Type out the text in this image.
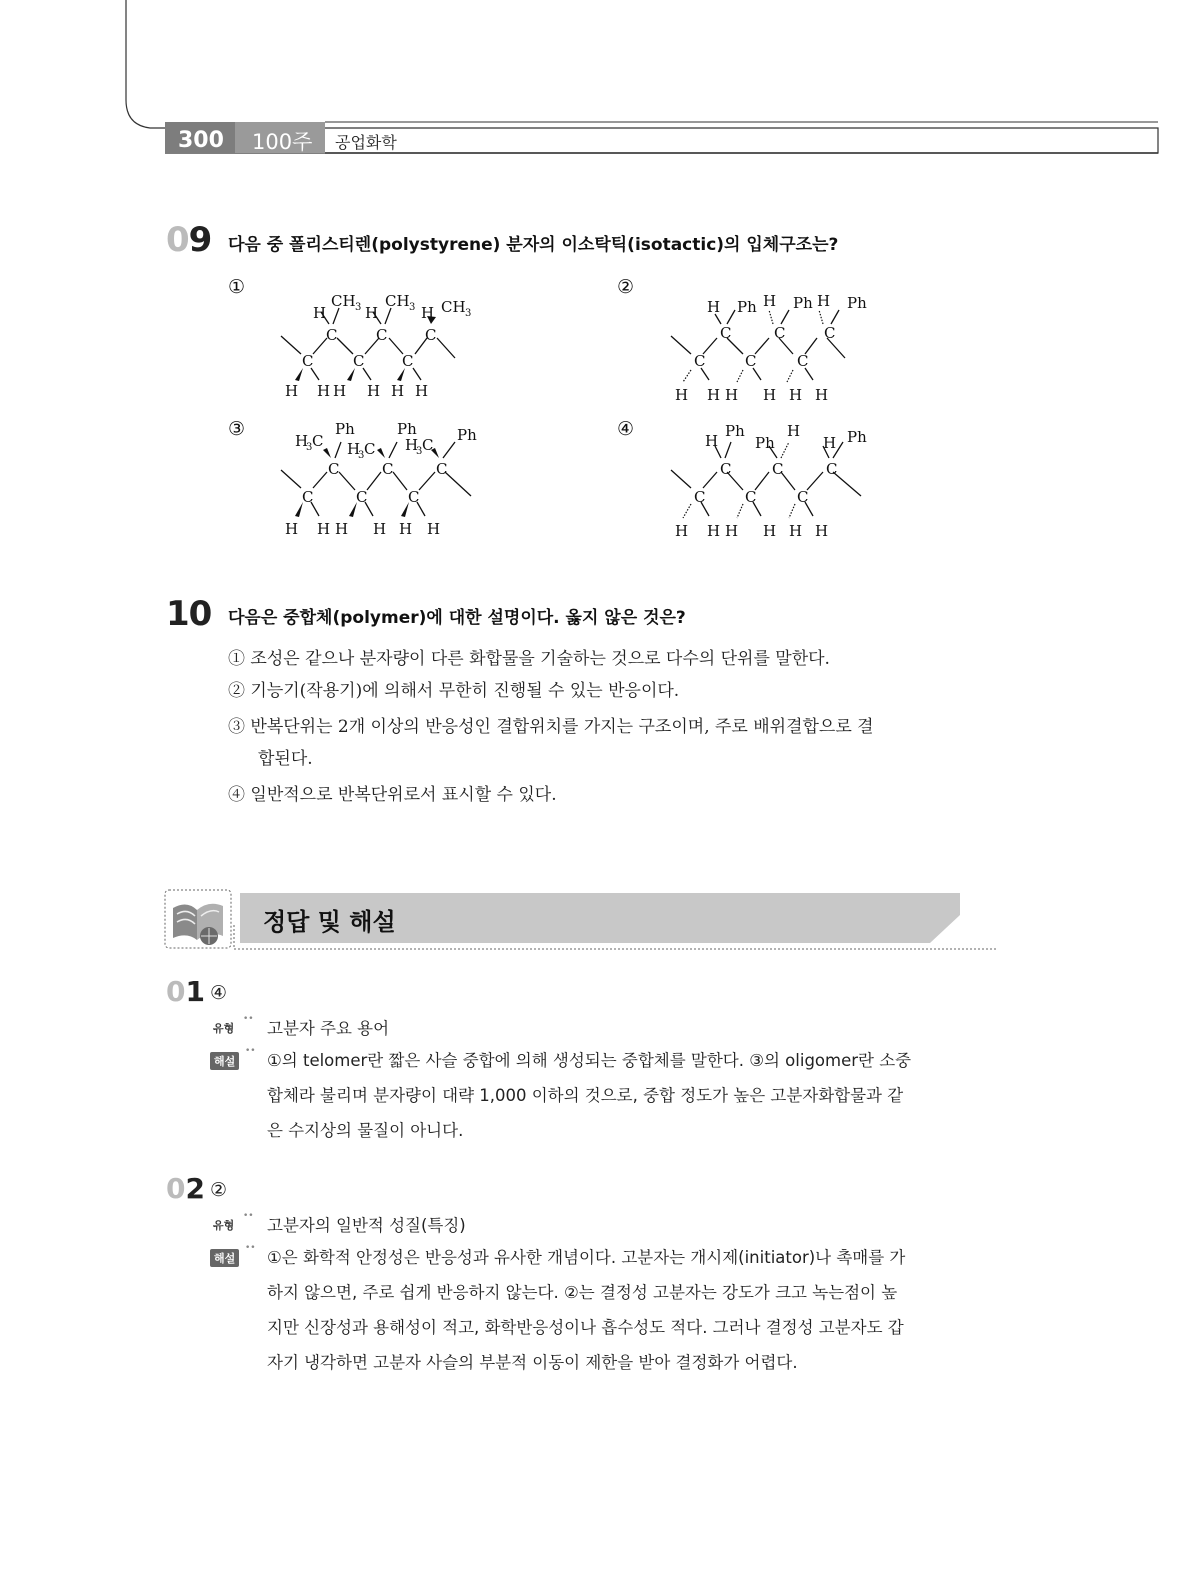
300 100주 공업화학
09 다음 중 폴리스티렌(polystyrene) 분자의 이소탁틱(isotactic)의 입체구조는?
①	②
③	④
H
CH 3 H
CH 3 H CH 3
C	C	C
C	C	C
H H H H H H
H Ph H Ph H Ph
C	C	C
C	C	C
H H H H H H
Ph
H
3 C
Ph
H
3 C
Ph
H
3 C
C	C	C
C	C	C
H H H H H H
H
Ph
Ph
H
H Ph
C	C	C
C	C	C
H H H H H H
10 다음은 중합체(polymer)에 대한 설명이다. 옳지 않은 것은?
① 조성은 같으나 분자량이 다른 화합물을 기술하는 것으로 다수의 단위를 말한다.
② 기능기(작용기)에 의해서 무한히 진행될 수 있는 반응이다.
③ 반복단위는 2개 이상의 반응성인 결합위치를 가지는 구조이며, 주로 배위결합으로 결
합된다.
④ 일반적으로 반복단위로서 표시할 수 있다.
정답 및 해설
01 ④
유형
•• 고분자 주요 용어
해설
•• ①의 telomer란 짧은 사슬 중합에 의해 생성되는 중합체를 말한다. ③의 oligomer란 소중
합체라 불리며 분자량이 대략 1,000 이하의 것으로, 중합 정도가 높은 고분자화합물과 같
은 수지상의 물질이 아니다.
02 ②
유형
•• 고분자의 일반적 성질(특징)
해설
•• ①은 화학적 안정성은 반응성과 유사한 개념이다. 고분자는 개시제(initiator)나 촉매를 가
하지 않으면, 주로 쉽게 반응하지 않는다. ②는 결정성 고분자는 강도가 크고 녹는점이 높
지만 신장성과 용해성이 적고, 화학반응성이나 흡수성도 적다. 그러나 결정성 고분자도 갑
자기 냉각하면 고분자 사슬의 부분적 이동이 제한을 받아 결정화가 어렵다.
